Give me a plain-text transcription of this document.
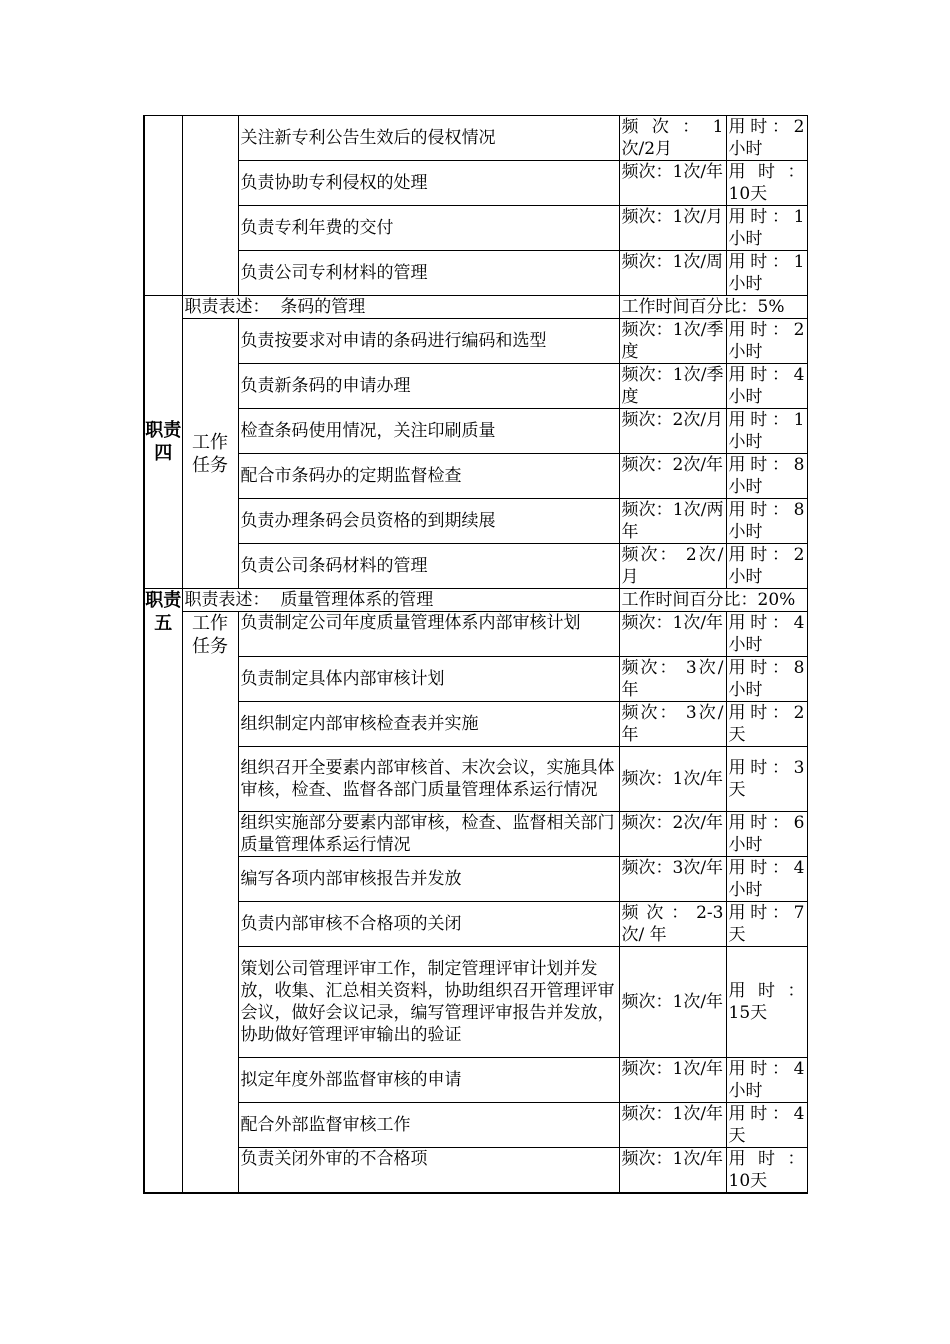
		关注新专利公告生效后的侵权情况	频 次 ： 1次/2月	用时：2小时
		负责协助专利侵权的处理	频次：1次/年	用 时 ：10天
		负责专利年费的交付	频次：1次/月	用时：1小时
		负责公司专利材料的管理	频次：1次/周	用时：1小时
职责四	职责表述： 条码的管理		工作时间百分比：5%	
	工作任务	负责按要求对申请的条码进行编码和选型	频次：1次/季度	用时：2小时
		负责新条码的申请办理	频次：1次/季度	用时：4小时
		检查条码使用情况，关注印刷质量	频次：2次/月	用时：1小时
		配合市条码办的定期监督检查	频次：2次/年	用时：8小时
		负责办理条码会员资格的到期续展	频次：1次/两年	用时：8小时
		负责公司条码材料的管理	频次： 2次/月	用时：2小时
职责五	职责表述： 质量管理体系的管理		工作时间百分比：20%	
	工作任务	负责制定公司年度质量管理体系内部审核计划	频次：1次/年	用时：4小时
		负责制定具体内部审核计划	频次： 3次/ 年	用时：8小时
		组织制定内部审核检查表并实施	频次： 3次/ 年	用时：2天
		组织召开全要素内部审核首、末次会议，实施具体审核，检查、监督各部门质量管理体系运行情况	频次：1次/年	用时：3天
		组织实施部分要素内部审核，检查、监督相关部门质量管理体系运行情况	频次：2次/年	用时：6小时
		编写各项内部审核报告并发放	频次：3次/年	用时：4小时
		负责内部审核不合格项的关闭	频 次 ： 2-3次/ 年	用时：7天
		策划公司管理评审工作，制定管理评审计划并发放，收集、汇总相关资料，协助组织召开管理评审会议，做好会议记录，编写管理评审报告并发放，协助做好管理评审输出的验证	频次：1次/年	用 时 ：15天
		拟定年度外部监督审核的申请	频次：1次/年	用时：4小时
		配合外部监督审核工作	频次：1次/年	用时：4天
		负责关闭外审的不合格项	频次：1次/年	用 时 ：10天
